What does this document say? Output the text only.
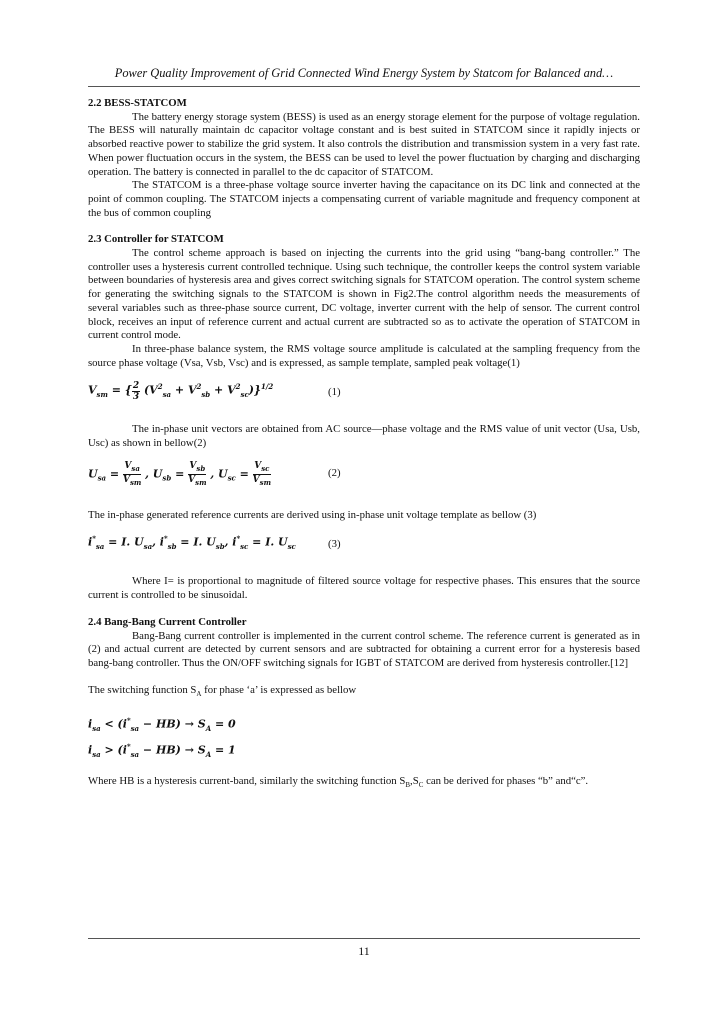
Power Quality Improvement of Grid Connected Wind Energy System by Statcom for Balanced and…
2.2 BESS-STATCOM

The battery energy storage system (BESS) is used as an energy storage element for the purpose of voltage regulation. The BESS will naturally maintain dc capacitor voltage constant and is best suited in STATCOM since it rapidly injects or absorbed reactive power to stabilize the grid system. It also controls the distribution and transmission system in a very fast rate. When power fluctuation occurs in the system, the BESS can be used to level the power fluctuation by charging and discharging operation. The battery is connected in parallel to the dc capacitor of STATCOM.

The STATCOM is a three-phase voltage source inverter having the capacitance on its DC link and connected at the point of common coupling. The STATCOM injects a compensating current of variable magnitude and frequency component at the bus of common coupling

2.3 Controller for STATCOM

The control scheme approach is based on injecting the currents into the grid using “bang-bang controller.” The controller uses a hysteresis current controlled technique. Using such technique, the controller keeps the control system variable between boundaries of hysteresis area and gives correct switching signals for STATCOM operation. The control system scheme for generating the switching signals to the STATCOM is shown in Fig2.The control algorithm needs the measurements of several variables such as three-phase source current, DC voltage, inverter current with the help of sensor. The current control block, receives an input of reference current and actual current are subtracted so as to activate the operation of STATCOM in current control mode.

In three-phase balance system, the RMS voltage source amplitude is calculated at the sampling frequency from the source phase voltage (Vsa, Vsb, Vsc) and is expressed, as sample template, sampled peak voltage(1)

$V_{sm}$ = { $\frac{2}{3} (V^2_{sa} + V^2_{sb} + V^2_{sc})\}^{1/2}$	(1)

The in-phase unit vectors are obtained from AC source—phase voltage and the RMS value of unit vector (Usa, Usb, Usc) as shown in bellow(2)

$U_{sa} = \frac{V_{sa}}{V_{sm}}$ , $U_{sb} = \frac{V_{sb}}{V_{sm}}$ , $U_{sc} = \frac{V_{sc}}{V_{sm}}$	(2)

The in-phase generated reference currents are derived using in-phase unit voltage template as bellow (3)

$i^*_{sa} = I$. $U_{sa}$, $i^*_{sb} = I$. $U_{sb}$, $i^*_{sc} = I$. $U_{sc}$	(3)

Where I= is proportional to magnitude of filtered source voltage for respective phases. This ensures that the source current is controlled to be sinusoidal.

2.4 Bang-Bang Current Controller

Bang-Bang current controller is implemented in the current control scheme. The reference current is generated as in (2) and actual current are detected by current sensors and are subtracted for obtaining a current error for a hysteresis based bang-bang controller. Thus the ON/OFF switching signals for IGBT of STATCOM are derived from hysteresis controller.[12]

The switching function $S_A$ for phase ‘a’ is expressed as bellow

$i_{sa} < (i^*_{sa} - HB) \to S_A = 0$
$i_{sa} > (i^*_{sa} - HB) \to S_A = 1$

Where HB is a hysteresis current-band, similarly the switching function $S_B,S_C$ can be derived for phases “b” and“c”.

11
